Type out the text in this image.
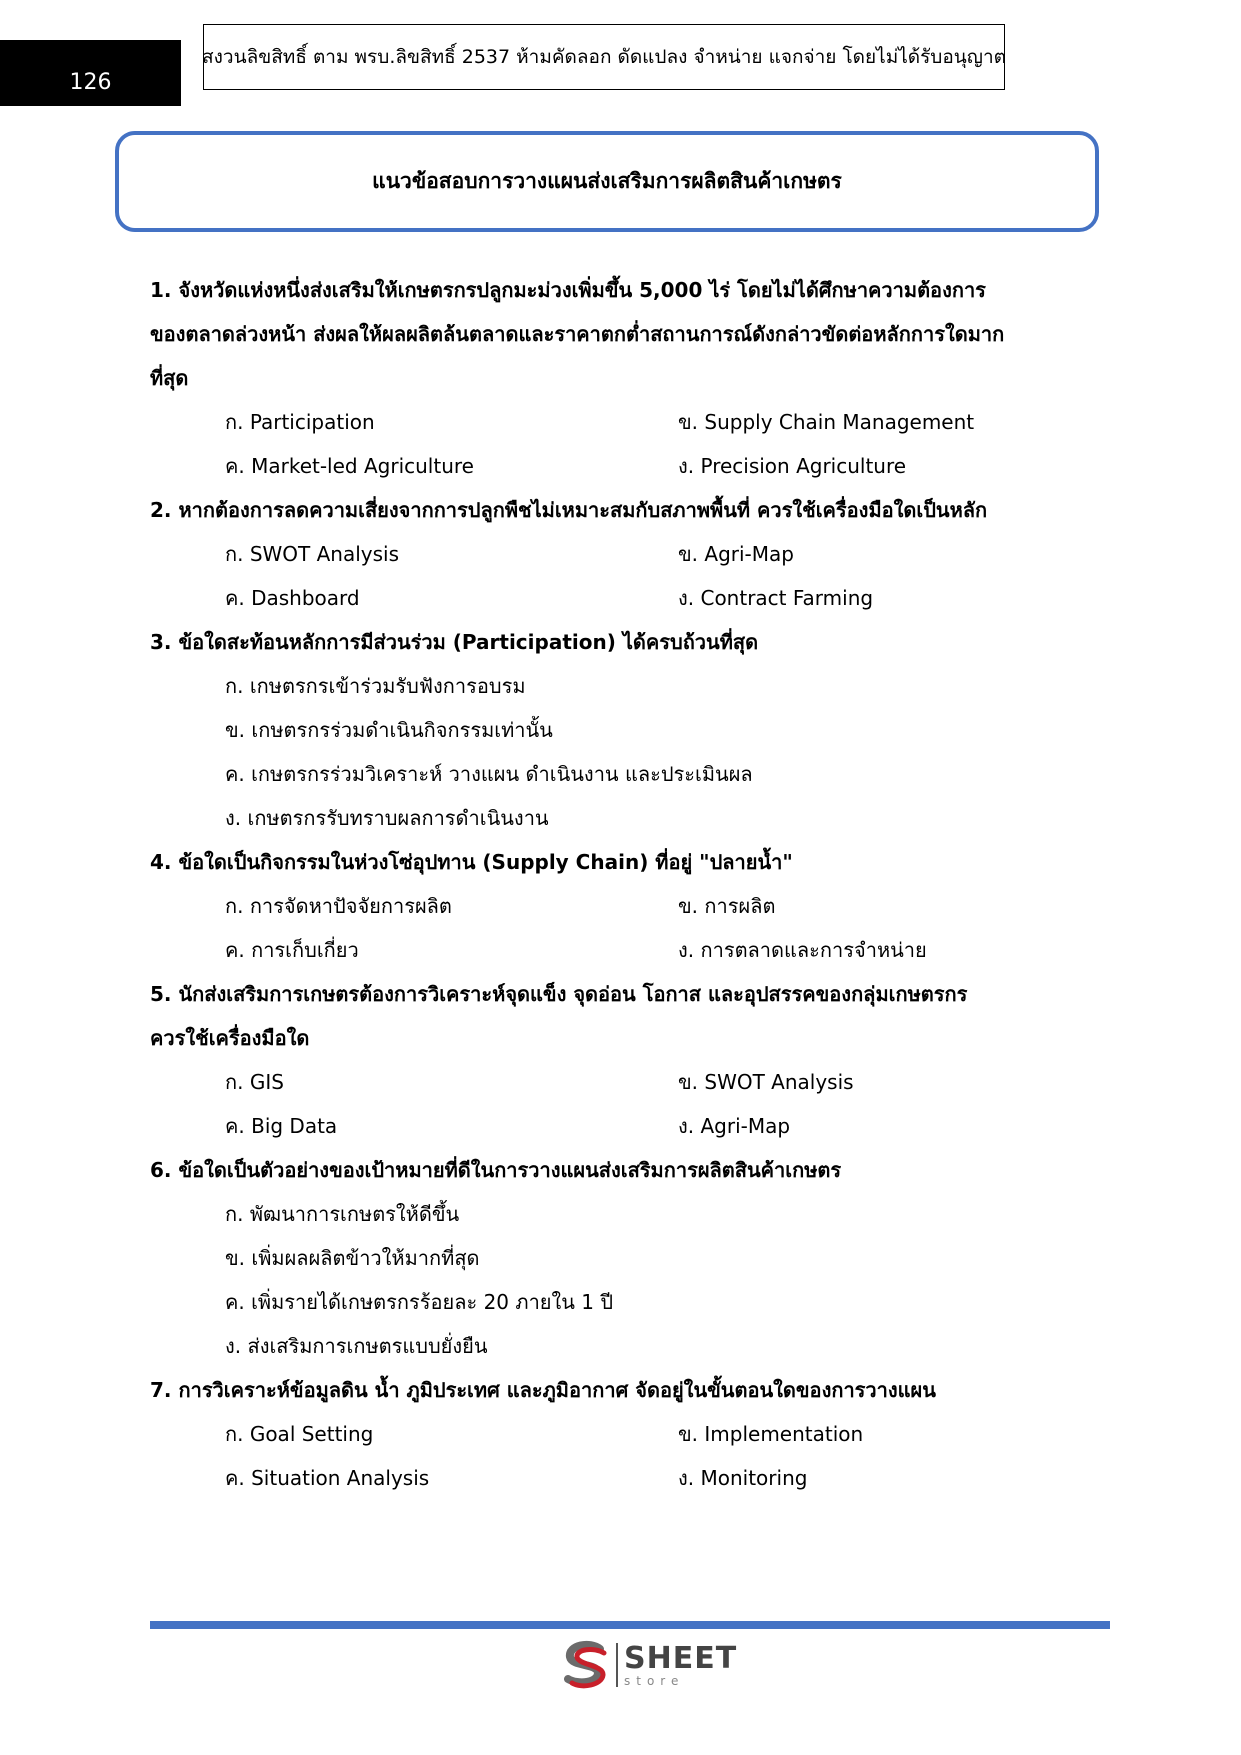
126
สงวนลิขสิทธิ์ ตาม พรบ.ลิขสิทธิ์ 2537 ห้ามคัดลอก ดัดแปลง จำหน่าย แจกจ่าย โดยไม่ได้รับอนุญาต
แนวข้อสอบการวางแผนส่งเสริมการผลิตสินค้าเกษตร

1. จังหวัดแห่งหนึ่งส่งเสริมให้เกษตรกรปลูกมะม่วงเพิ่มขึ้น 5,000 ไร่ โดยไม่ได้ศึกษาความต้องการ

ของตลาดล่วงหน้า ส่งผลให้ผลผลิตล้นตลาดและราคาตกต่ำสถานการณ์ดังกล่าวขัดต่อหลักการใดมาก

ที่สุด

ก. Participation	ข. Supply Chain Management
ค. Market-led Agriculture	ง. Precision Agriculture

2. หากต้องการลดความเสี่ยงจากการปลูกพืชไม่เหมาะสมกับสภาพพื้นที่ ควรใช้เครื่องมือใดเป็นหลัก

ก. SWOT Analysis	ข. Agri-Map
ค. Dashboard	ง. Contract Farming

3. ข้อใดสะท้อนหลักการมีส่วนร่วม (Participation) ได้ครบถ้วนที่สุด

ก. เกษตรกรเข้าร่วมรับฟังการอบรม
ข. เกษตรกรร่วมดำเนินกิจกรรมเท่านั้น
ค. เกษตรกรร่วมวิเคราะห์ วางแผน ดำเนินงาน และประเมินผล
ง. เกษตรกรรับทราบผลการดำเนินงาน

4. ข้อใดเป็นกิจกรรมในห่วงโซ่อุปทาน (Supply Chain) ที่อยู่ "ปลายน้ำ"

ก. การจัดหาปัจจัยการผลิต	ข. การผลิต
ค. การเก็บเกี่ยว	ง. การตลาดและการจำหน่าย

5. นักส่งเสริมการเกษตรต้องการวิเคราะห์จุดแข็ง จุดอ่อน โอกาส และอุปสรรคของกลุ่มเกษตรกร

ควรใช้เครื่องมือใด

ก. GIS	ข. SWOT Analysis
ค. Big Data	ง. Agri-Map

6. ข้อใดเป็นตัวอย่างของเป้าหมายที่ดีในการวางแผนส่งเสริมการผลิตสินค้าเกษตร

ก. พัฒนาการเกษตรให้ดีขึ้น
ข. เพิ่มผลผลิตข้าวให้มากที่สุด
ค. เพิ่มรายได้เกษตรกรร้อยละ 20 ภายใน 1 ปี
ง. ส่งเสริมการเกษตรแบบยั่งยืน

7. การวิเคราะห์ข้อมูลดิน น้ำ ภูมิประเทศ และภูมิอากาศ จัดอยู่ในขั้นตอนใดของการวางแผน

ก. Goal Setting	ข. Implementation
ค. Situation Analysis	ง. Monitoring
SHEET
store
